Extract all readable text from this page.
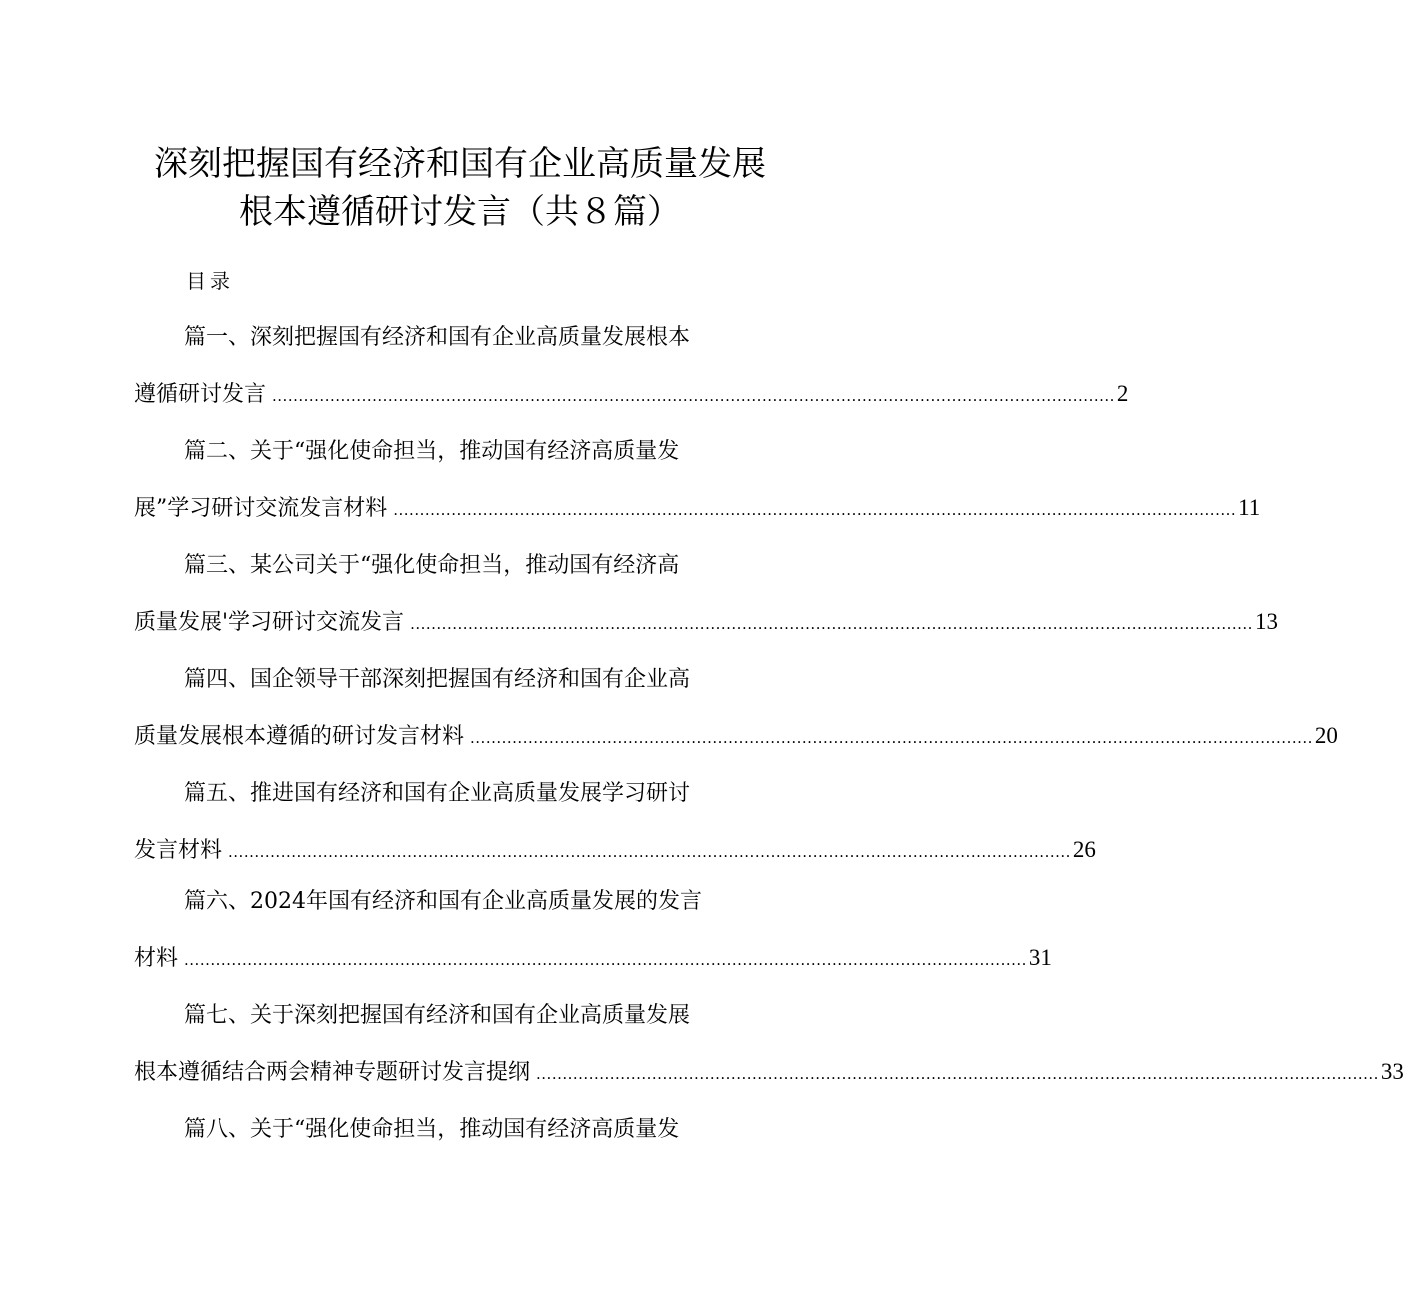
深刻把握国有经济和国有企业高质量发展
根本遵循研讨发言（共８篇）
目录
篇一、深刻把握国有经济和国有企业高质量发展根本
遵循研讨发言 ................................................................................................................................................................ 2
篇二、关于“强化使命担当，推动国有经济高质量发
展”学习研讨交流发言材料 ................................................................................................................................................................ 11
篇三、某公司关于“强化使命担当，推动国有经济高
质量发展'学习研讨交流发言 ................................................................................................................................................................ 13
篇四、国企领导干部深刻把握国有经济和国有企业高
质量发展根本遵循的研讨发言材料 ................................................................................................................................................................ 20
篇五、推进国有经济和国有企业高质量发展学习研讨
发言材料 ................................................................................................................................................................ 26
篇六、2024年国有经济和国有企业高质量发展的发言
材料 ................................................................................................................................................................ 31
篇七、关于深刻把握国有经济和国有企业高质量发展
根本遵循结合两会精神专题研讨发言提纲 ................................................................................................................................................................ 33
篇八、关于“强化使命担当，推动国有经济高质量发
